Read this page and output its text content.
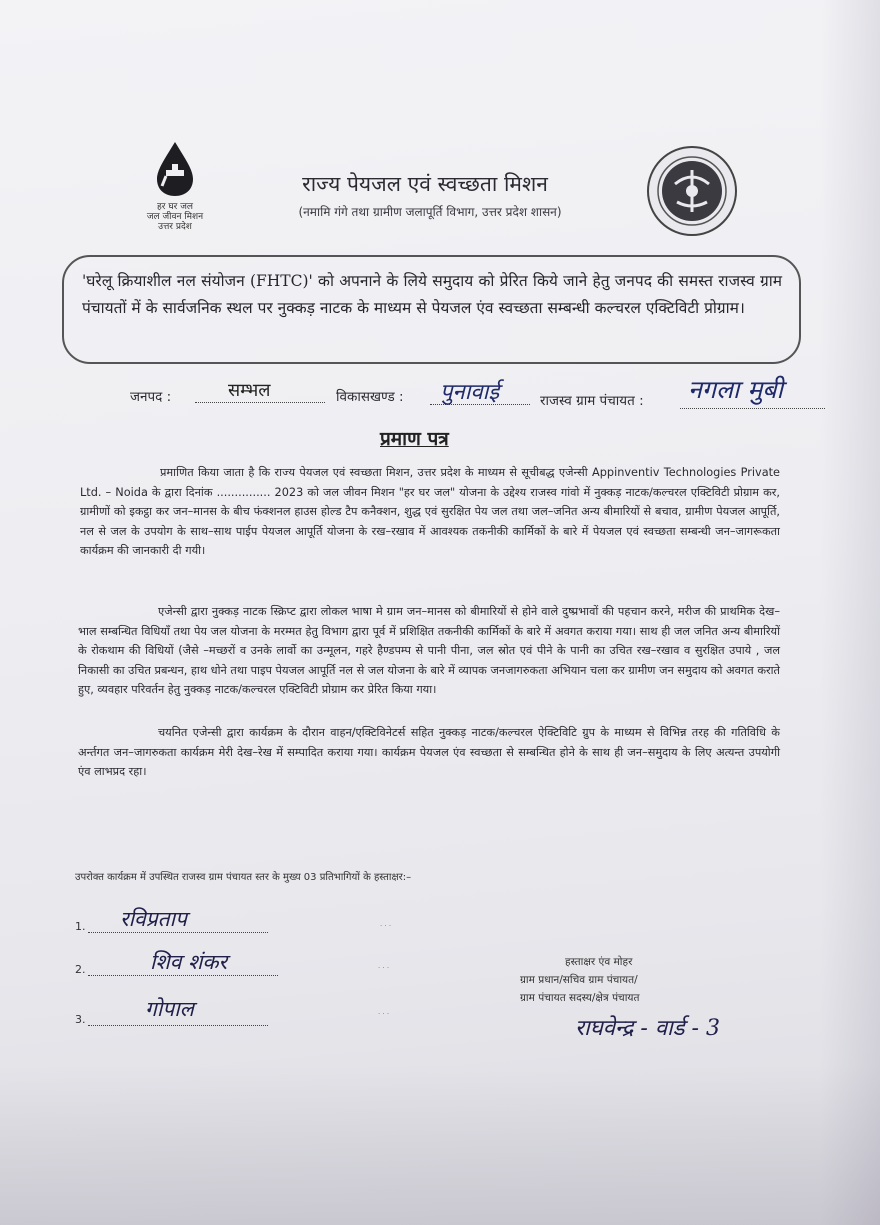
हर घर जल
जल जीवन मिशन
उत्तर प्रदेश
राज्य पेयजल एवं स्वच्छता मिशन
(नमामि गंगे तथा ग्रामीण जलापूर्ति विभाग, उत्तर प्रदेश शासन)
'घरेलू क्रियाशील नल संयोजन (FHTC)' को अपनाने के लिये समुदाय को प्रेरित किये जाने हेतु जनपद की समस्त राजस्व ग्राम पंचायतों में के सार्वजनिक स्थल पर नुक्कड़ नाटक के माध्यम से पेयजल एंव स्वच्छता सम्बन्धी कल्चरल एक्टिविटी प्रोग्राम।
जनपद :	सम्भल	विकासखण्ड : पुनावाई	राजस्व ग्राम पंचायत : नगला मुबी
प्रमाण पत्र
प्रमाणित किया जाता है कि राज्य पेयजल एवं स्वच्छता मिशन, उत्तर प्रदेश के माध्यम से सूचीबद्ध एजेन्सी Appinventiv Technologies Private Ltd. – Noida के द्वारा दिनांक ............... 2023 को जल जीवन मिशन "हर घर जल" योजना के उद्देश्य राजस्व गांवो में नुक्कड़ नाटक/कल्चरल एक्टिविटी प्रोग्राम कर, ग्रामीणों को इकट्ठा कर जन–मानस के बीच फंक्शनल हाउस होल्ड टैप कनैक्शन, शुद्ध एवं सुरक्षित पेय जल तथा जल–जनित अन्य बीमारियों से बचाव, ग्रामीण पेयजल आपूर्ति, नल से जल के उपयोग के साथ–साथ पाईप पेयजल आपूर्ति योजना के रख–रखाव में आवश्यक तकनीकी कार्मिकों के बारे में पेयजल एवं स्वच्छता सम्बन्धी जन–जागरूकता कार्यक्रम की जानकारी दी गयी।
एजेन्सी द्वारा नुक्कड़ नाटक स्क्रिप्ट द्वारा लोकल भाषा मे ग्राम जन–मानस को बीमारियों से होने वाले दुष्प्रभावों की पहचान करने, मरीज की प्राथमिक देख–भाल सम्बन्धित विधियाँ तथा पेय जल योजना के मरम्मत हेतु विभाग द्वारा पूर्व में प्रशिक्षित तकनीकी कार्मिकों के बारे में अवगत कराया गया। साथ ही जल जनित अन्य बीमारियों के रोकथाम की विधियों (जैसे –मच्छरों व उनके लार्वो का उन्मूलन, गहरे हैण्डपम्प से पानी पीना, जल स्रोत एवं पीने के पानी का उचित रख–रखाव व सुरक्षित उपाये , जल निकासी का उचित प्रबन्धन, हाथ धोने तथा पाइप पेयजल आपूर्ति नल से जल योजना के बारे में व्यापक जनजागरुकता अभियान चला कर ग्रामीण जन समुदाय को अवगत कराते हुए, व्यवहार परिवर्तन हेतु नुक्कड़ नाटक/कल्चरल एक्टिविटी प्रोग्राम कर प्रेरित किया गया।
चयनित एजेन्सी द्वारा कार्यक्रम के दौरान वाहन/एक्टिविनेटर्स सहित नुक्कड़ नाटक/कल्चरल ऐक्टिविटि ग्रुप के माध्यम से विभिन्न तरह की गतिविधि के अर्न्तगत जन–जागरुकता कार्यक्रम मेरी देख–रेख में सम्पादित कराया गया। कार्यक्रम पेयजल एंव स्वच्छता से सम्बन्धित होने के साथ ही जन–समुदाय के लिए अत्यन्त उपयोगी एंव लाभप्रद रहा।
उपरोक्त कार्यक्रम में उपस्थित राजस्व ग्राम पंचायत स्तर के मुख्य 03 प्रतिभागियों के हस्ताक्षर:–
1. रविप्रताप
2.	शिव शंकर
3.	गोपाल
· · ·
· · ·
· · ·
हस्ताक्षर एंव मोहर
ग्राम प्रधान/सचिव ग्राम पंचायत/
ग्राम पंचायत सदस्य/क्षेत्र पंचायत
राघवेन्द्र - वार्ड - 3
